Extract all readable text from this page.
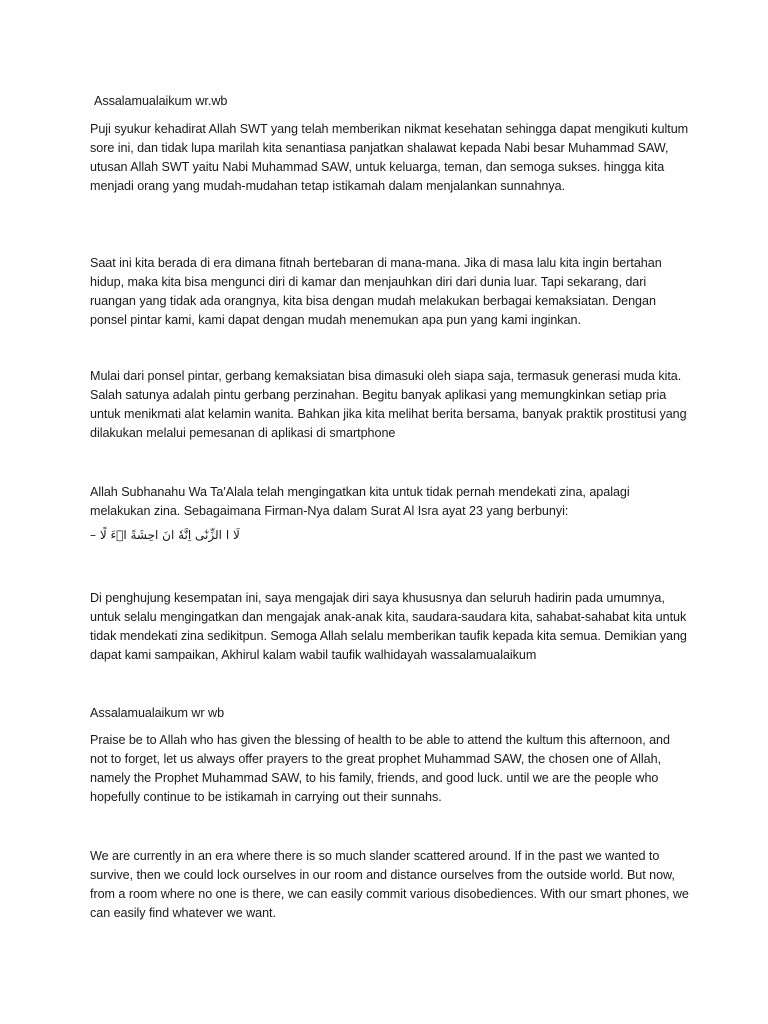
Assalamualaikum wr.wb

Puji syukur kehadirat Allah SWT yang telah memberikan nikmat kesehatan sehingga dapat mengikuti kultum sore ini, dan tidak lupa marilah kita senantiasa panjatkan shalawat kepada Nabi besar Muhammad SAW, utusan Allah SWT yaitu Nabi Muhammad SAW, untuk keluarga, teman, dan semoga sukses. hingga kita menjadi orang yang mudah-mudahan tetap istikamah dalam menjalankan sunnahnya.

Saat ini kita berada di era dimana fitnah bertebaran di mana-mana. Jika di masa lalu kita ingin bertahan hidup, maka kita bisa mengunci diri di kamar dan menjauhkan diri dari dunia luar. Tapi sekarang, dari ruangan yang tidak ada orangnya, kita bisa dengan mudah melakukan berbagai kemaksiatan. Dengan ponsel pintar kami, kami dapat dengan mudah menemukan apa pun yang kami inginkan.

Mulai dari ponsel pintar, gerbang kemaksiatan bisa dimasuki oleh siapa saja, termasuk generasi muda kita. Salah satunya adalah pintu gerbang perzinahan. Begitu banyak aplikasi yang memungkinkan setiap pria untuk menikmati alat kelamin wanita. Bahkan jika kita melihat berita bersama, banyak praktik prostitusi yang dilakukan melalui pemesanan di aplikasi di smartphone

Allah Subhanahu Wa Ta'Alala telah mengingatkan kita untuk tidak pernah mendekati zina, apalagi melakukan zina. Sebagaimana Firman-Nya dalam Surat Al Isra ayat 23 yang berbunyi:

لَا ا الزِّنٰٓى اِنَّهٗ انَ احِشَةً اۤءَ لًا –

Di penghujung kesempatan ini, saya mengajak diri saya khususnya dan seluruh hadirin pada umumnya, untuk selalu mengingatkan dan mengajak anak-anak kita, saudara-saudara kita, sahabat-sahabat kita untuk tidak mendekati zina sedikitpun. Semoga Allah selalu memberikan taufik kepada kita semua. Demikian yang dapat kami sampaikan, Akhirul kalam wabil taufik walhidayah wassalamualaikum

Assalamualaikum wr wb

Praise be to Allah who has given the blessing of health to be able to attend the kultum this afternoon, and not to forget, let us always offer prayers to the great prophet Muhammad SAW, the chosen one of Allah, namely the Prophet Muhammad SAW, to his family, friends, and good luck. until we are the people who hopefully continue to be istikamah in carrying out their sunnahs.

We are currently in an era where there is so much slander scattered around. If in the past we wanted to survive, then we could lock ourselves in our room and distance ourselves from the outside world. But now, from a room where no one is there, we can easily commit various disobediences. With our smart phones, we can easily find whatever we want.
